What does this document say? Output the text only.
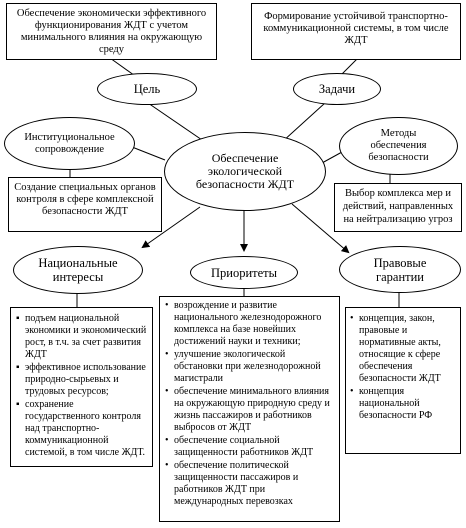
Обеспечение экономически эффективного функционирования ЖДТ с учетом минимального влияния на окружающую среду
Формирование устойчивой транспортно-коммуникационной системы, в том числе ЖДТ
Цель	Задачи
Институциональное сопровождение
Обеспечение экологической безопасности ЖДТ
Методы обеспечения безопасности
Создание специальных органов контроля в сфере комплексной безопасности ЖДТ
Выбор комплекса мер и действий, направленных на нейтрализацию угроз
Национальные интересы	Приоритеты
Правовые гарантии
▪ подъем национальной экономики и экономический рост, в т.ч. за счет развития ЖДТ
▪ эффективное использование природно-сырьевых и трудовых ресурсов;
▪ сохранение государственного контроля над транспортно-коммуникационной системой, в том числе ЖДТ.
• возрождение и развитие национального железнодорожного комплекса на базе новейших достижений науки и техники;
• улучшение экологической обстановки при железнодорожной магистрали
• обеспечение минимального влияния на окружающую природную среду и жизнь пассажиров и работников выбросов от ЖДТ
• обеспечение социальной защищенности работников ЖДТ
• обеспечение политической защищенности пассажиров и работников ЖДТ при международных перевозках
• концепция, закон, правовые и нормативные акты, относящие к сфере обеспечения безопасности ЖДТ
• концепция национальной безопасности РФ
